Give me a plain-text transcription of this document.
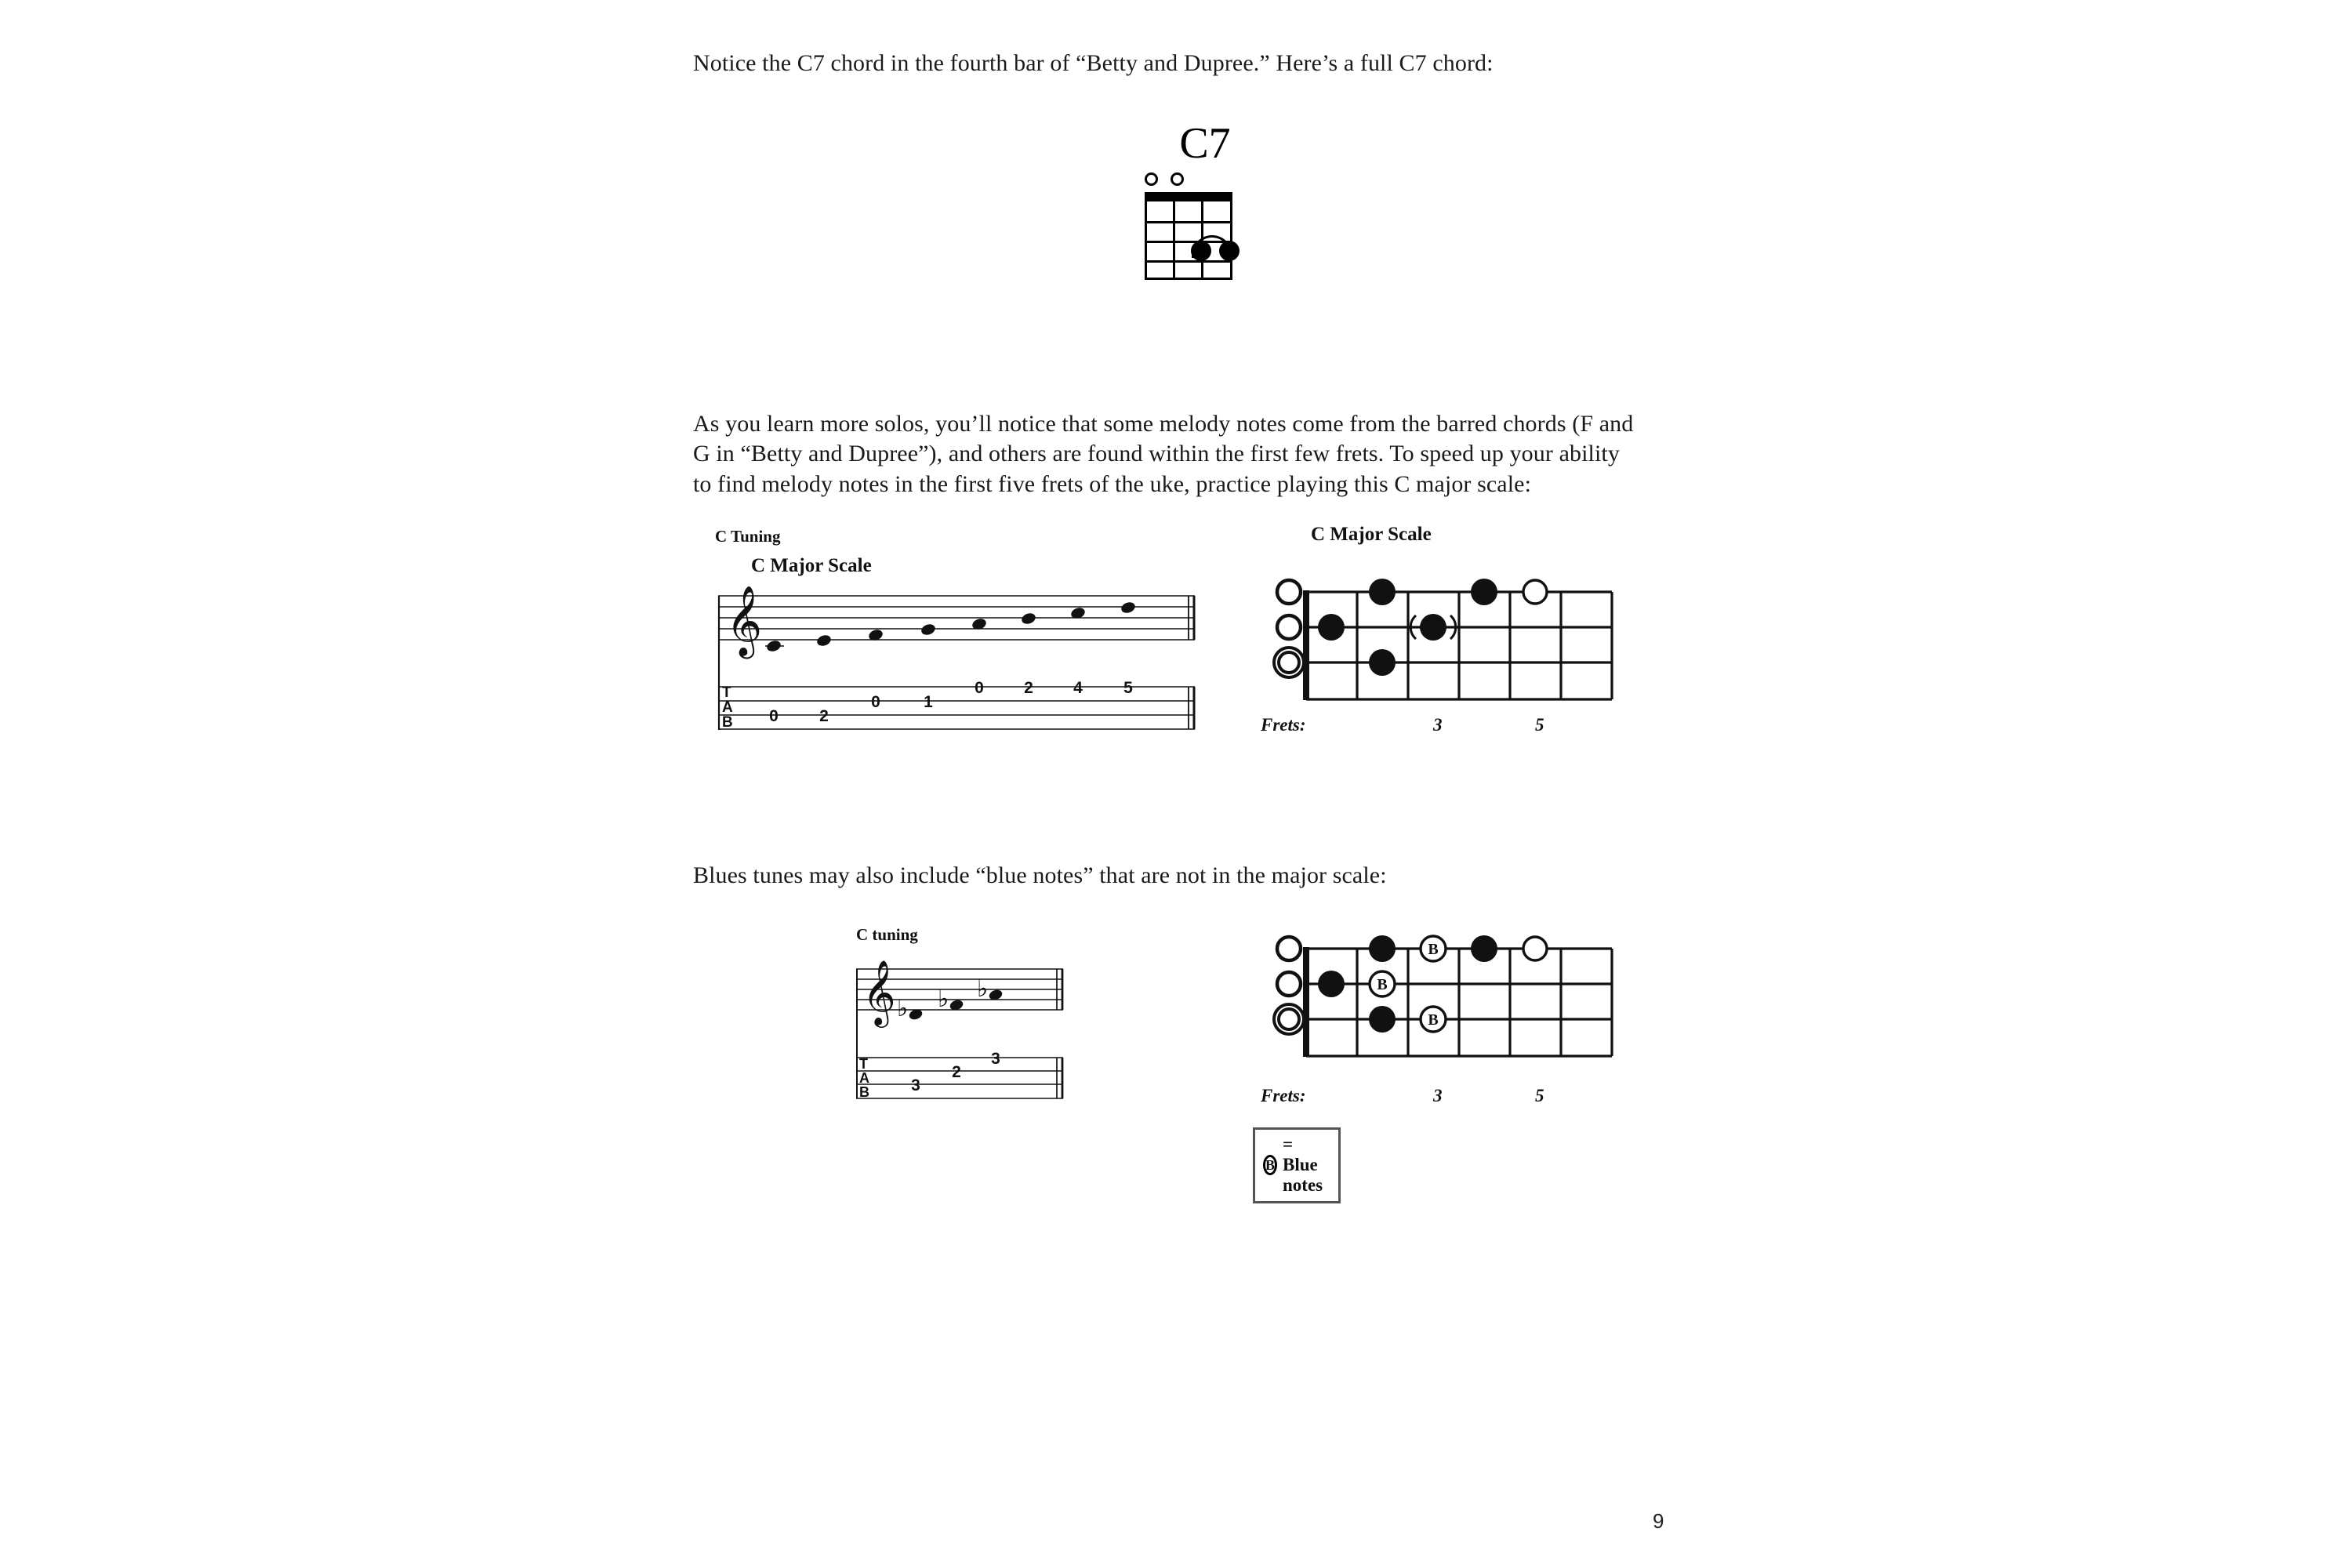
Notice the C7 chord in the fourth bar of “Betty and Dupree.” Here’s a full C7 chord:
C7
As you learn more solos, you’ll notice that some melody notes come from the barred chords (F and G in “Betty and Dupree”), and others are found within the first few frets. To speed up your ability to find melody notes in the first five frets of the uke, practice playing this C major scale:
C Tuning
C Major Scale
𝄞
T
A
B 0 2
0	1
0 2 4 5
C Major Scale
Frets:	3	5
Blues tunes may also include “blue notes” that are not in the major scale:
C tuning
𝄞 ♭ ♭ ♭
T
A
B	3
2
3
B
B
B
Frets:	3	5
B
= Blue notes
9
